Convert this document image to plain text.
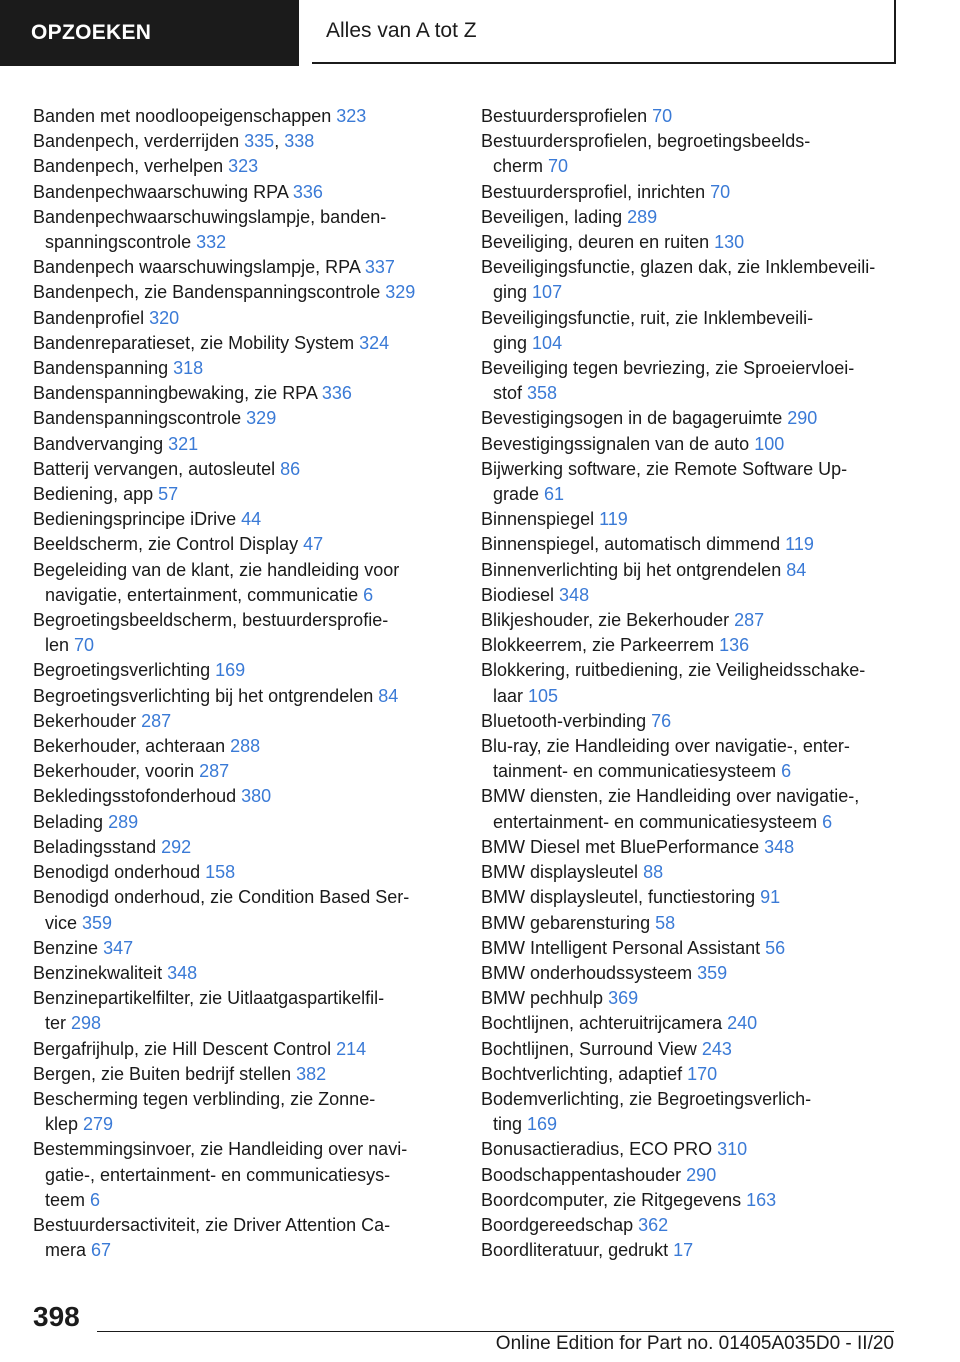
OPZOEKEN	Alles van A tot Z
Banden met noodloopeigenschappen 323
Bandenpech, verderrijden 335, 338
Bandenpech, verhelpen 323
Bandenpechwaarschuwing RPA 336
Bandenpechwaarschuwingslampje, banden-
spanningscontrole 332
Bandenpech waarschuwingslampje, RPA 337
Bandenpech, zie Bandenspanningscontrole 329
Bandenprofiel 320
Bandenreparatieset, zie Mobility System 324
Bandenspanning 318
Bandenspanningbewaking, zie RPA 336
Bandenspanningscontrole 329
Bandvervanging 321
Batterij vervangen, autosleutel 86
Bediening, app 57
Bedieningsprincipe iDrive 44
Beeldscherm, zie Control Display 47
Begeleiding van de klant, zie handleiding voor
navigatie, entertainment, communicatie 6
Begroetingsbeeldscherm, bestuurdersprofie-
len 70
Begroetingsverlichting 169
Begroetingsverlichting bij het ontgrendelen 84
Bekerhouder 287
Bekerhouder, achteraan 288
Bekerhouder, voorin 287
Bekledingsstofonderhoud 380
Belading 289
Beladingsstand 292
Benodigd onderhoud 158
Benodigd onderhoud, zie Condition Based Ser-
vice 359
Benzine 347
Benzinekwaliteit 348
Benzinepartikelfilter, zie Uitlaatgaspartikelfil-
ter 298
Bergafrijhulp, zie Hill Descent Control 214
Bergen, zie Buiten bedrijf stellen 382
Bescherming tegen verblinding, zie Zonne-
klep 279
Bestemmingsinvoer, zie Handleiding over navi-
gatie-, entertainment- en communicatiesys-
teem 6
Bestuurdersactiviteit, zie Driver Attention Ca-
mera 67
Bestuurdersprofielen 70
Bestuurdersprofielen, begroetingsbeelds-
cherm 70
Bestuurdersprofiel, inrichten 70
Beveiligen, lading 289
Beveiliging, deuren en ruiten 130
Beveiligingsfunctie, glazen dak, zie Inklembeveili-
ging 107
Beveiligingsfunctie, ruit, zie Inklembeveili-
ging 104
Beveiliging tegen bevriezing, zie Sproeiervloei-
stof 358
Bevestigingsogen in de bagageruimte 290
Bevestigingssignalen van de auto 100
Bijwerking software, zie Remote Software Up-
grade 61
Binnenspiegel 119
Binnenspiegel, automatisch dimmend 119
Binnenverlichting bij het ontgrendelen 84
Biodiesel 348
Blikjeshouder, zie Bekerhouder 287
Blokkeerrem, zie Parkeerrem 136
Blokkering, ruitbediening, zie Veiligheidsschake-
laar 105
Bluetooth-verbinding 76
Blu-ray, zie Handleiding over navigatie-, enter-
tainment- en communicatiesysteem 6
BMW diensten, zie Handleiding over navigatie-,
entertainment- en communicatiesysteem 6
BMW Diesel met BluePerformance 348
BMW displaysleutel 88
BMW displaysleutel, functiestoring 91
BMW gebarensturing 58
BMW Intelligent Personal Assistant 56
BMW onderhoudssysteem 359
BMW pechhulp 369
Bochtlijnen, achteruitrijcamera 240
Bochtlijnen, Surround View 243
Bochtverlichting, adaptief 170
Bodemverlichting, zie Begroetingsverlich-
ting 169
Bonusactieradius, ECO PRO 310
Boodschappentashouder 290
Boordcomputer, zie Ritgegevens 163
Boordgereedschap 362
Boordliteratuur, gedrukt 17
398
Online Edition for Part no. 01405A035D0 - II/20
